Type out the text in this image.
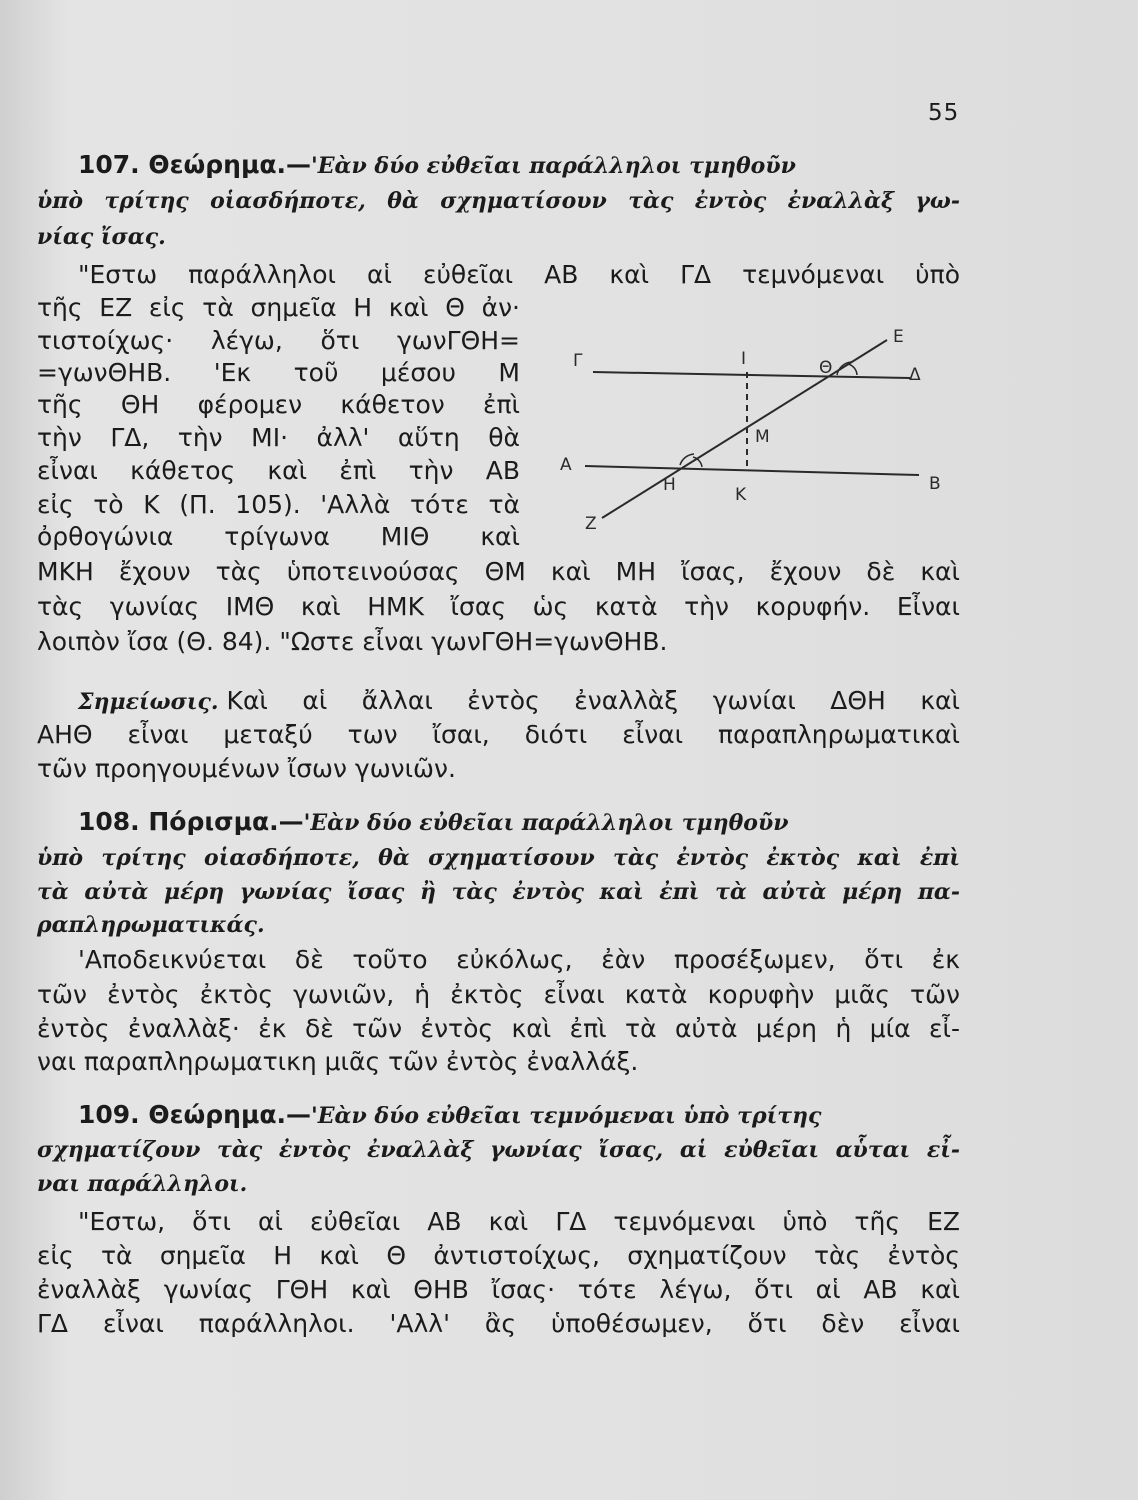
55
107. Θεώρημα.—'Εὰν δύο εὐθεῖαι παράλληλοι τμηθοῦν
ὑπὸ τρίτης οἱασδήποτε, θὰ σχηματίσουν τὰς ἐντὸς ἐναλλὰξ γω-
νίας ἴσας.
"Εστω παράλληλοι αἱ εὐθεῖαι ΑΒ καὶ ΓΔ τεμνόμεναι ὑπὸ
τῆς ΕΖ εἰς τὰ σημεῖα Η καὶ Θ ἀν·
τιστοίχως· λέγω, ὅτι γωνΓΘΗ=
=γωνΘΗΒ. 'Εκ τοῦ μέσου Μ
τῆς ΘΗ φέρομεν κάθετον ἐπὶ
τὴν ΓΔ, τὴν ΜΙ· ἀλλ' αὕτη θὰ
εἶναι κάθετος καὶ ἐπὶ τὴν ΑΒ
εἰς τὸ Κ (Π. 105). 'Αλλὰ τότε τὰ
ὀρθογώνια τρίγωνα ΜΙΘ καὶ
ΜΚΗ ἔχουν τὰς ὑποτεινούσας ΘΜ καὶ ΜΗ ἴσας, ἔχουν δὲ καὶ
τὰς γωνίας ΙΜΘ καὶ ΗΜΚ ἴσας ὡς κατὰ τὴν κορυφήν. Εἶναι
λοιπὸν ἴσα (Θ. 84). "Ωστε εἶναι γωνΓΘΗ=γωνΘΗΒ.
Γ	Ι	Θ	Δ
Ε
Μ
Α
Η	Κ
Β
Ζ
Σημείωσις. Καὶ αἱ ἄλλαι ἐντὸς ἐναλλὰξ γωνίαι ΔΘΗ καὶ
ΑΗΘ εἶναι μεταξύ των ἴσαι, διότι εἶναι παραπληρωματικαὶ
τῶν προηγουμένων ἴσων γωνιῶν.
108. Πόρισμα.—'Εὰν δύο εὐθεῖαι παράλληλοι τμηθοῦν
ὑπὸ τρίτης οἱασδήποτε, θὰ σχηματίσουν τὰς ἐντὸς ἐκτὸς καὶ ἐπὶ
τὰ αὐτὰ μέρη γωνίας ἴσας ἢ τὰς ἐντὸς καὶ ἐπὶ τὰ αὐτὰ μέρη πα-
ραπληρωματικάς.
'Αποδεικνύεται δὲ τοῦτο εὐκόλως, ἐὰν προσέξωμεν, ὅτι ἐκ
τῶν ἐντὸς ἐκτὸς γωνιῶν, ἡ ἐκτὸς εἶναι κατὰ κορυφὴν μιᾶς τῶν
ἐντὸς ἐναλλὰξ· ἐκ δὲ τῶν ἐντὸς καὶ ἐπὶ τὰ αὐτὰ μέρη ἡ μία εἶ-
ναι παραπληρωματικη μιᾶς τῶν ἐντὸς ἐναλλάξ.
109. Θεώρημα.—'Εὰν δύο εὐθεῖαι τεμνόμεναι ὑπὸ τρίτης
σχηματίζουν τὰς ἐντὸς ἐναλλὰξ γωνίας ἴσας, αἱ εὐθεῖαι αὗται εἶ-
ναι παράλληλοι.
"Εστω, ὅτι αἱ εὐθεῖαι ΑΒ καὶ ΓΔ τεμνόμεναι ὑπὸ τῆς ΕΖ
εἰς τὰ σημεῖα Η καὶ Θ ἀντιστοίχως, σχηματίζουν τὰς ἐντὸς
ἐναλλὰξ γωνίας ΓΘΗ καὶ ΘΗΒ ἴσας· τότε λέγω, ὅτι αἱ ΑΒ καὶ
ΓΔ εἶναι παράλληλοι. 'Αλλ' ἂς ὑποθέσωμεν, ὅτι δὲν εἶναι
